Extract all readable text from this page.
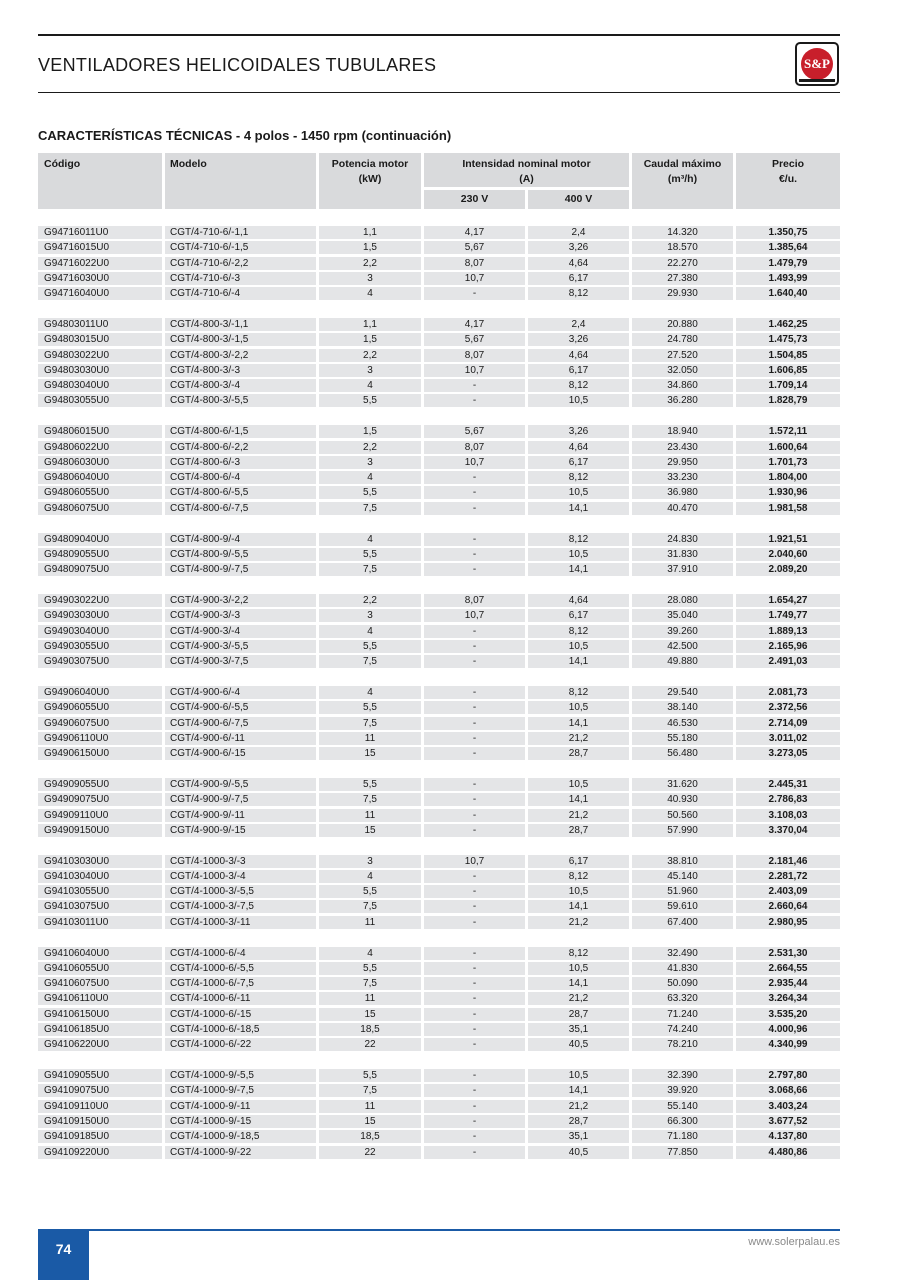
VENTILADORES HELICOIDALES TUBULARES	S&P
CARACTERÍSTICAS TÉCNICAS - 4 polos - 1450 rpm (continuación)
Código	Modelo	Potencia motor
(kW)
Intensidad nominal motor
(A)
230 V	400 V
Caudal máximo
(m³/h)
Precio
€/u.
G94716011U0	CGT/4-710-6/-1,1	1,1	4,17	2,4	14.320	1.350,75
G94716015U0	CGT/4-710-6/-1,5	1,5	5,67	3,26	18.570	1.385,64
G94716022U0	CGT/4-710-6/-2,2	2,2	8,07	4,64	22.270	1.479,79
G94716030U0	CGT/4-710-6/-3	3	10,7	6,17	27.380	1.493,99
G94716040U0	CGT/4-710-6/-4	4	-	8,12	29.930	1.640,40
G94803011U0	CGT/4-800-3/-1,1	1,1	4,17	2,4	20.880	1.462,25
G94803015U0	CGT/4-800-3/-1,5	1,5	5,67	3,26	24.780	1.475,73
G94803022U0	CGT/4-800-3/-2,2	2,2	8,07	4,64	27.520	1.504,85
G94803030U0	CGT/4-800-3/-3	3	10,7	6,17	32.050	1.606,85
G94803040U0	CGT/4-800-3/-4	4	-	8,12	34.860	1.709,14
G94803055U0	CGT/4-800-3/-5,5	5,5	-	10,5	36.280	1.828,79
G94806015U0	CGT/4-800-6/-1,5	1,5	5,67	3,26	18.940	1.572,11
G94806022U0	CGT/4-800-6/-2,2	2,2	8,07	4,64	23.430	1.600,64
G94806030U0	CGT/4-800-6/-3	3	10,7	6,17	29.950	1.701,73
G94806040U0	CGT/4-800-6/-4	4	-	8,12	33.230	1.804,00
G94806055U0	CGT/4-800-6/-5,5	5,5	-	10,5	36.980	1.930,96
G94806075U0	CGT/4-800-6/-7,5	7,5	-	14,1	40.470	1.981,58
G94809040U0	CGT/4-800-9/-4	4	-	8,12	24.830	1.921,51
G94809055U0	CGT/4-800-9/-5,5	5,5	-	10,5	31.830	2.040,60
G94809075U0	CGT/4-800-9/-7,5	7,5	-	14,1	37.910	2.089,20
G94903022U0	CGT/4-900-3/-2,2	2,2	8,07	4,64	28.080	1.654,27
G94903030U0	CGT/4-900-3/-3	3	10,7	6,17	35.040	1.749,77
G94903040U0	CGT/4-900-3/-4	4	-	8,12	39.260	1.889,13
G94903055U0	CGT/4-900-3/-5,5	5,5	-	10,5	42.500	2.165,96
G94903075U0	CGT/4-900-3/-7,5	7,5	-	14,1	49.880	2.491,03
G94906040U0	CGT/4-900-6/-4	4	-	8,12	29.540	2.081,73
G94906055U0	CGT/4-900-6/-5,5	5,5	-	10,5	38.140	2.372,56
G94906075U0	CGT/4-900-6/-7,5	7,5	-	14,1	46.530	2.714,09
G94906110U0	CGT/4-900-6/-11	11	-	21,2	55.180	3.011,02
G94906150U0	CGT/4-900-6/-15	15	-	28,7	56.480	3.273,05
G94909055U0	CGT/4-900-9/-5,5	5,5	-	10,5	31.620	2.445,31
G94909075U0	CGT/4-900-9/-7,5	7,5	-	14,1	40.930	2.786,83
G94909110U0	CGT/4-900-9/-11	11	-	21,2	50.560	3.108,03
G94909150U0	CGT/4-900-9/-15	15	-	28,7	57.990	3.370,04
G94103030U0	CGT/4-1000-3/-3	3	10,7	6,17	38.810	2.181,46
G94103040U0	CGT/4-1000-3/-4	4	-	8,12	45.140	2.281,72
G94103055U0	CGT/4-1000-3/-5,5	5,5	-	10,5	51.960	2.403,09
G94103075U0	CGT/4-1000-3/-7,5	7,5	-	14,1	59.610	2.660,64
G94103011U0	CGT/4-1000-3/-11	11	-	21,2	67.400	2.980,95
G94106040U0	CGT/4-1000-6/-4	4	-	8,12	32.490	2.531,30
G94106055U0	CGT/4-1000-6/-5,5	5,5	-	10,5	41.830	2.664,55
G94106075U0	CGT/4-1000-6/-7,5	7,5	-	14,1	50.090	2.935,44
G94106110U0	CGT/4-1000-6/-11	11	-	21,2	63.320	3.264,34
G94106150U0	CGT/4-1000-6/-15	15	-	28,7	71.240	3.535,20
G94106185U0	CGT/4-1000-6/-18,5	18,5	-	35,1	74.240	4.000,96
G94106220U0	CGT/4-1000-6/-22	22	-	40,5	78.210	4.340,99
G94109055U0	CGT/4-1000-9/-5,5	5,5	-	10,5	32.390	2.797,80
G94109075U0	CGT/4-1000-9/-7,5	7,5	-	14,1	39.920	3.068,66
G94109110U0	CGT/4-1000-9/-11	11	-	21,2	55.140	3.403,24
G94109150U0	CGT/4-1000-9/-15	15	-	28,7	66.300	3.677,52
G94109185U0	CGT/4-1000-9/-18,5	18,5	-	35,1	71.180	4.137,80
G94109220U0	CGT/4-1000-9/-22	22	-	40,5	77.850	4.480,86
74	www.solerpalau.es
